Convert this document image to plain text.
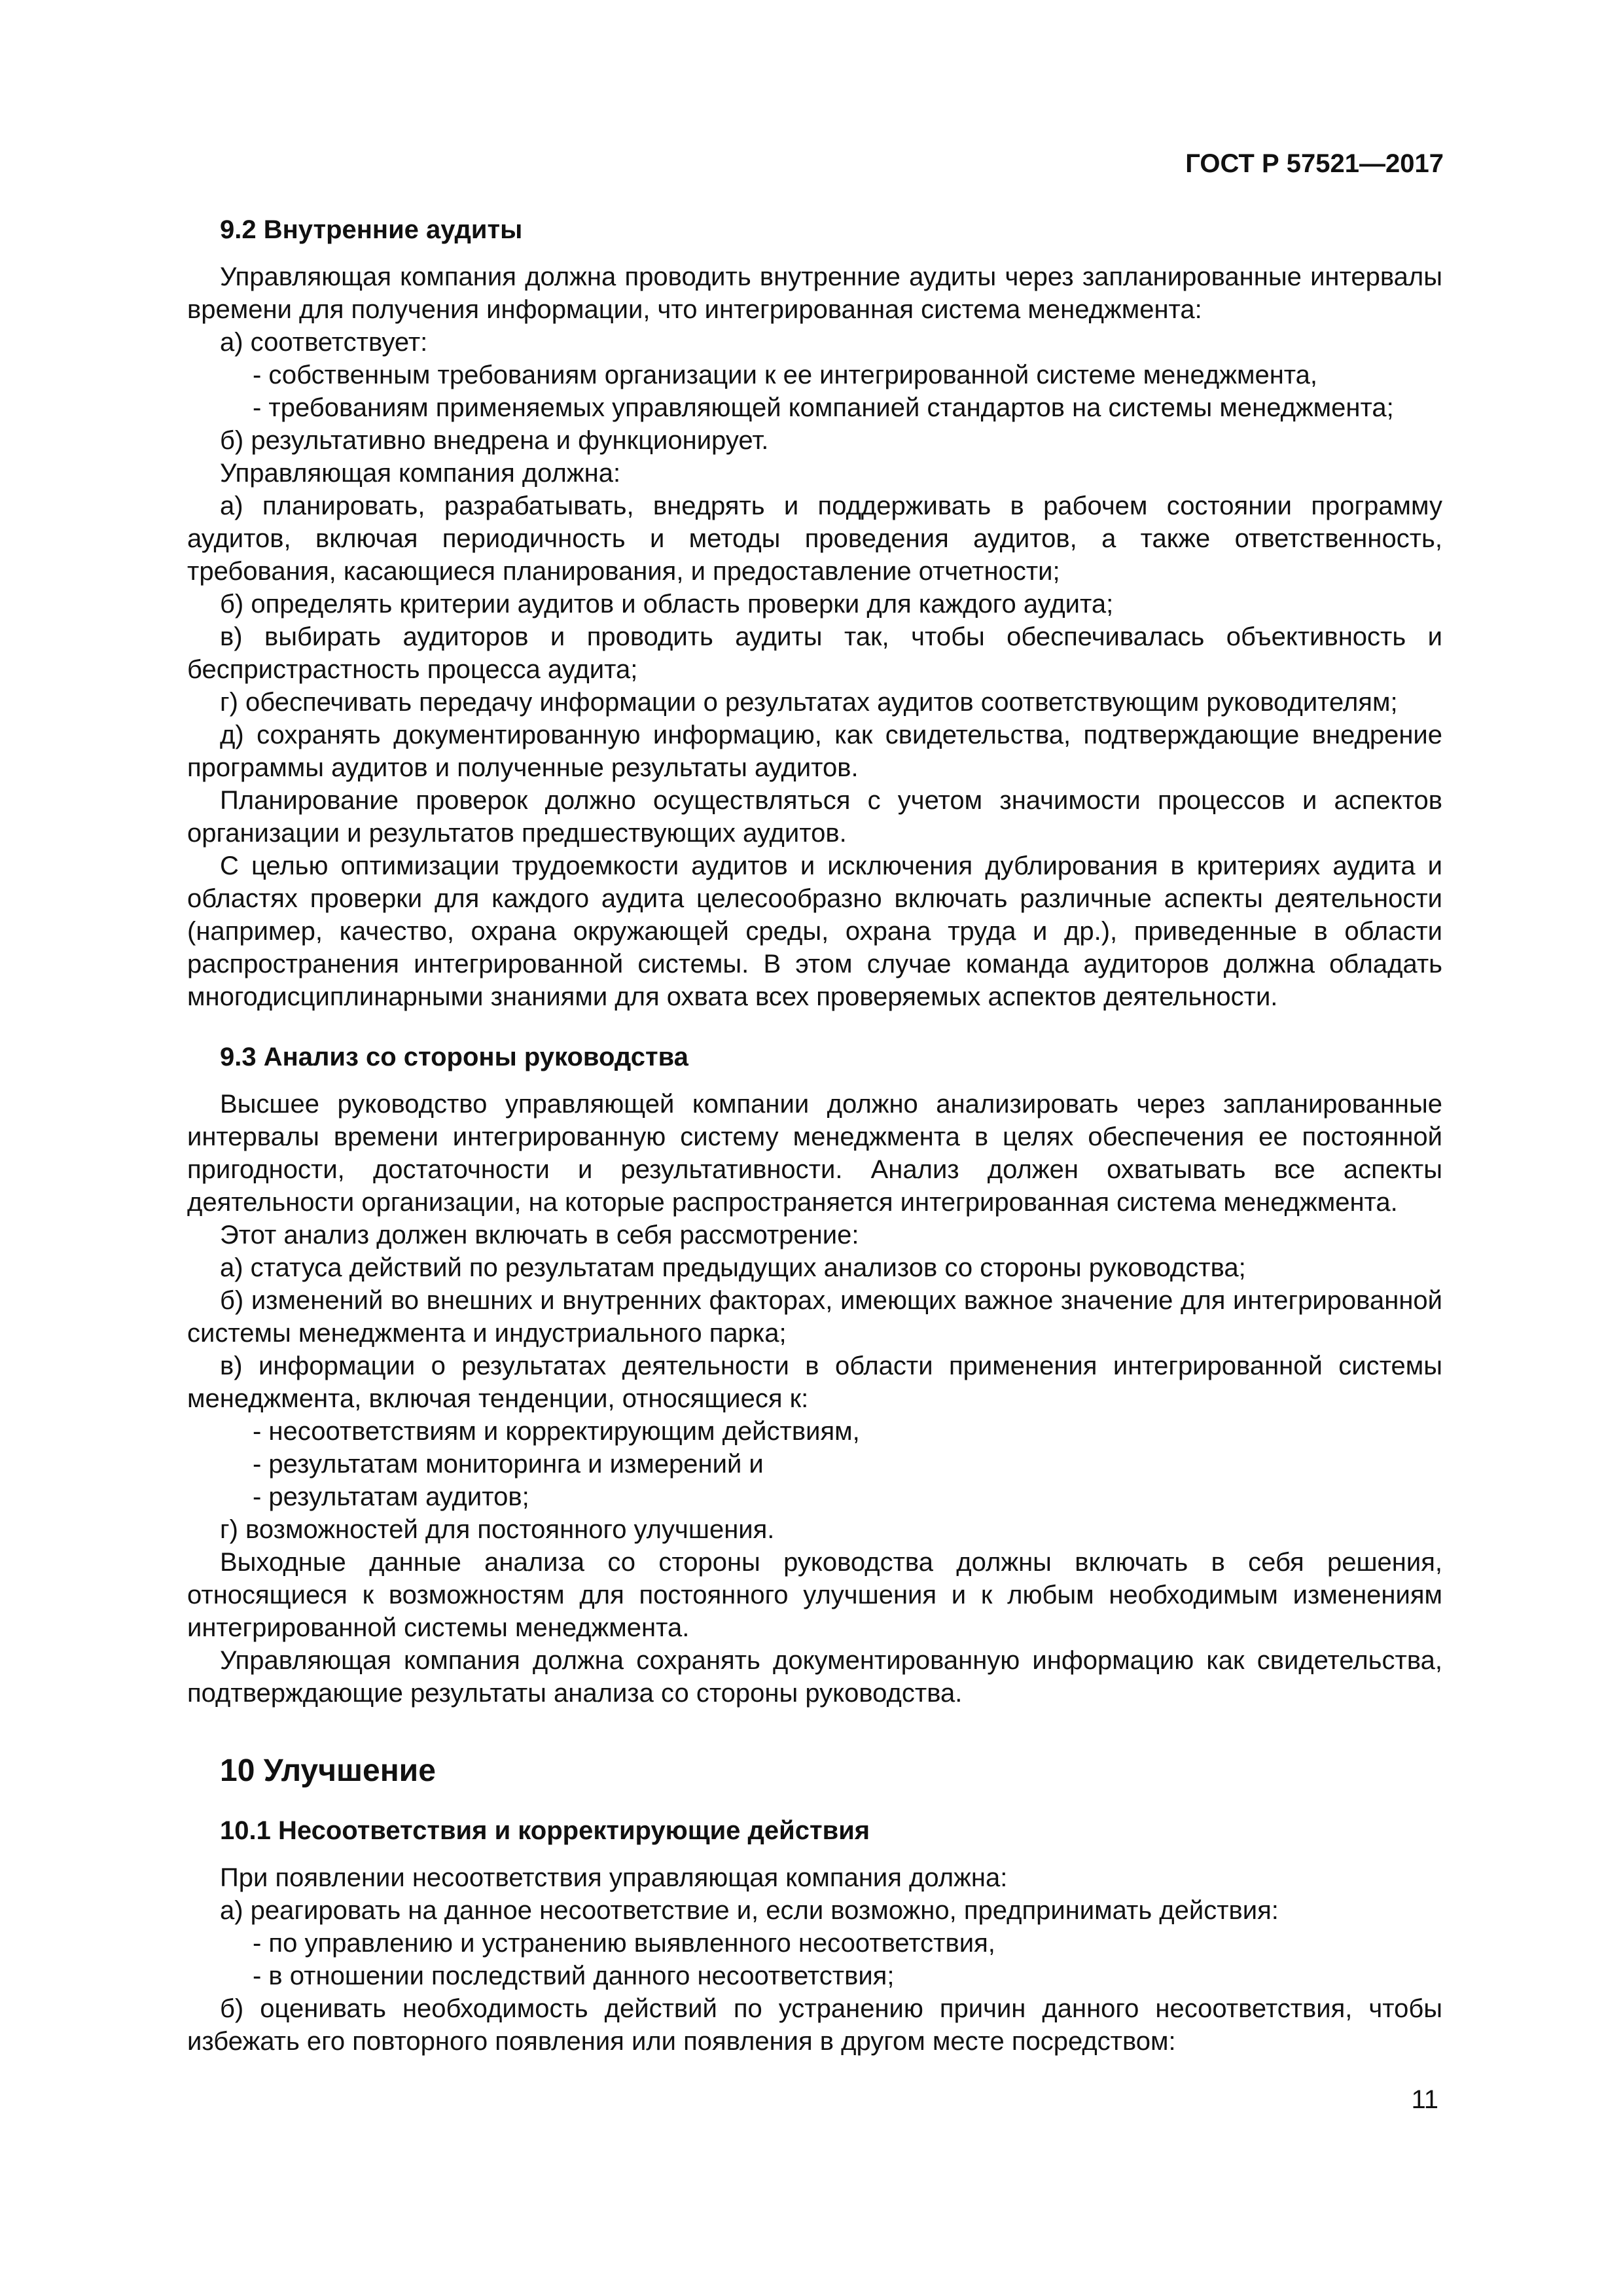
ГОСТ Р 57521—2017
9.2 Внутренние аудиты

Управляющая компания должна проводить внутренние аудиты через запланированные интервалы времени для получения информации, что интегрированная система менеджмента:

а) соответствует:

- собственным требованиям организации к ее интегрированной системе менеджмента,

- требованиям применяемых управляющей компанией стандартов на системы менеджмента;

б) результативно внедрена и функционирует.

Управляющая компания должна:

а) планировать, разрабатывать, внедрять и поддерживать в рабочем состоянии программу аудитов, включая периодичность и методы проведения аудитов, а также ответственность, требования, касающиеся планирования, и предоставление отчетности;

б) определять критерии аудитов и область проверки для каждого аудита;

в) выбирать аудиторов и проводить аудиты так, чтобы обеспечивалась объективность и беспристрастность процесса аудита;

г) обеспечивать передачу информации о результатах аудитов соответствующим руководителям;

д) сохранять документированную информацию, как свидетельства, подтверждающие внедрение программы аудитов и полученные результаты аудитов.

Планирование проверок должно осуществляться с учетом значимости процессов и аспектов организации и результатов предшествующих аудитов.

С целью оптимизации трудоемкости аудитов и исключения дублирования в критериях аудита и областях проверки для каждого аудита целесообразно включать различные аспекты деятельности (например, качество, охрана окружающей среды, охрана труда и др.), приведенные в области распространения интегрированной системы. В этом случае команда аудиторов должна обладать многодисциплинарными знаниями для охвата всех проверяемых аспектов деятельности.

9.3 Анализ со стороны руководства

Высшее руководство управляющей компании должно анализировать через запланированные интервалы времени интегрированную систему менеджмента в целях обеспечения ее постоянной пригодности, достаточности и результативности. Анализ должен охватывать все аспекты деятельности организации, на которые распространяется интегрированная система менеджмента.

Этот анализ должен включать в себя рассмотрение:

а) статуса действий по результатам предыдущих анализов со стороны руководства;

б) изменений во внешних и внутренних факторах, имеющих важное значение для интегрированной системы менеджмента и индустриального парка;

в) информации о результатах деятельности в области применения интегрированной системы менеджмента, включая тенденции, относящиеся к:

- несоответствиям и корректирующим действиям,

- результатам мониторинга и измерений и

- результатам аудитов;

г) возможностей для постоянного улучшения.

Выходные данные анализа со стороны руководства должны включать в себя решения, относящиеся к возможностям для постоянного улучшения и к любым необходимым изменениям интегрированной системы менеджмента.

Управляющая компания должна сохранять документированную информацию как свидетельства, подтверждающие результаты анализа со стороны руководства.

10 Улучшение
10.1 Несоответствия и корректирующие действия

При появлении несоответствия управляющая компания должна:

а) реагировать на данное несоответствие и, если возможно, предпринимать действия:

- по управлению и устранению выявленного несоответствия,

- в отношении последствий данного несоответствия;

б) оценивать необходимость действий по устранению причин данного несоответствия, чтобы избежать его повторного появления или появления в другом месте посредством:

11
